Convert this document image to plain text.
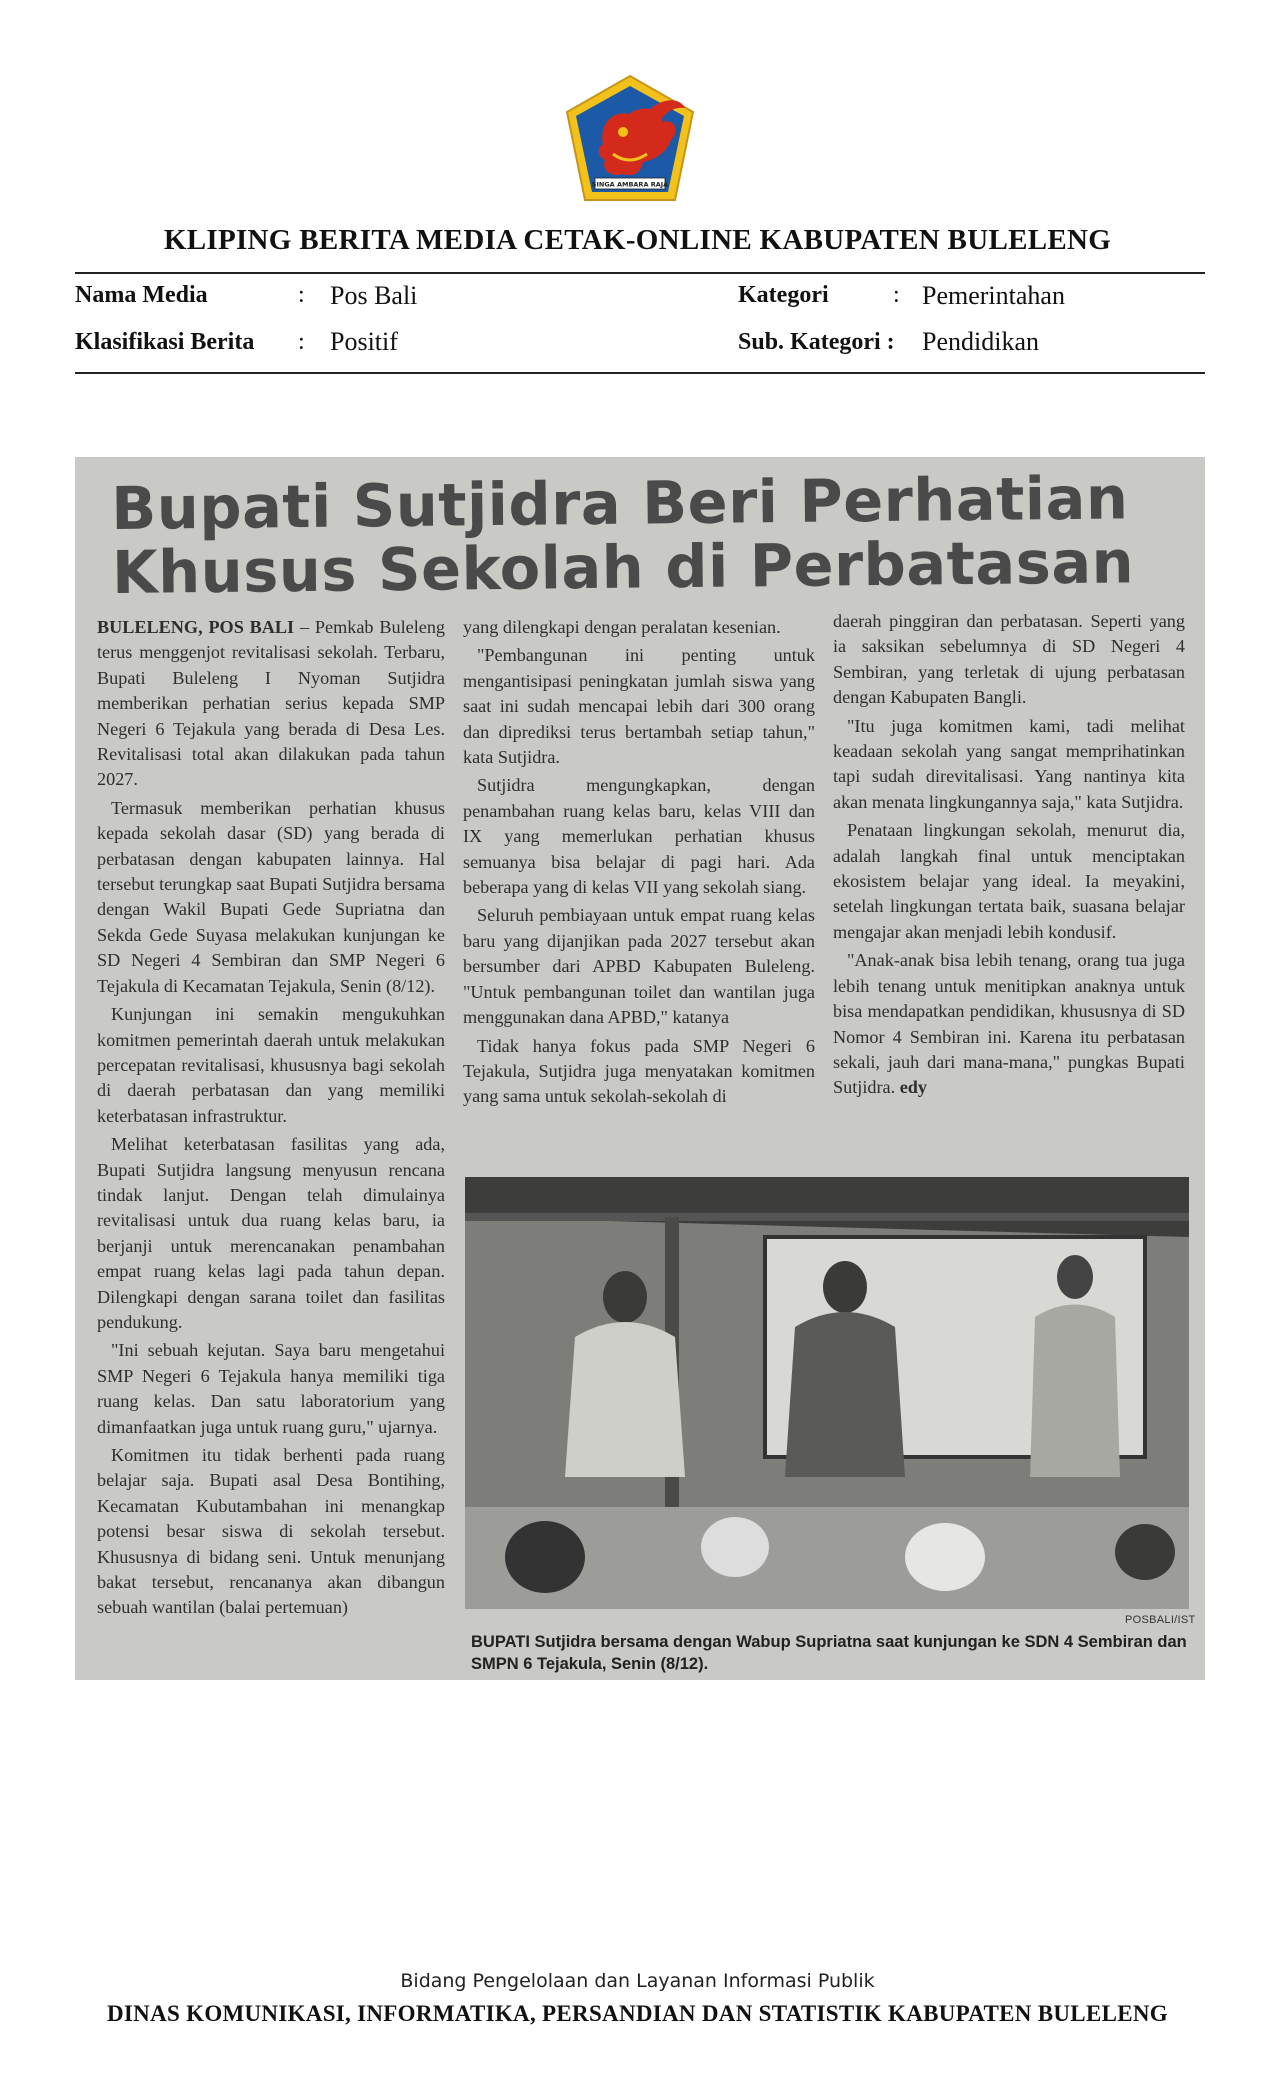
SINGA AMBARA RAJA
KLIPING BERITA MEDIA CETAK-ONLINE KABUPATEN BULELENG
Nama Media	: Pos Bali	Kategori	: Pemerintahan
Klasifikasi Berita : Positif	Sub. Kategori : Pendidikan
Bupati Sutjidra Beri Perhatian
Khusus Sekolah di Perbatasan

BULELENG, POS BALI – Pemkab Buleleng terus menggenjot revitalisasi sekolah. Terbaru, Bupati Buleleng I Nyoman Sutjidra memberikan perhatian serius kepada SMP Negeri 6 Tejakula yang berada di Desa Les. Revitalisasi total akan dilakukan pada tahun 2027.

Termasuk memberikan perhatian khusus kepada sekolah dasar (SD) yang berada di perbatasan dengan kabupaten lainnya. Hal tersebut terungkap saat Bupati Sutjidra bersama dengan Wakil Bupati Gede Supriatna dan Sekda Gede Suyasa melakukan kunjungan ke SD Negeri 4 Sembiran dan SMP Negeri 6 Tejakula di Kecamatan Tejakula, Senin (8/12).

Kunjungan ini semakin mengukuhkan komitmen pemerintah daerah untuk melakukan percepatan revitalisasi, khususnya bagi sekolah di daerah perbatasan dan yang memiliki keterbatasan infrastruktur.

Melihat keterbatasan fasilitas yang ada, Bupati Sutjidra langsung menyusun rencana tindak lanjut. Dengan telah dimulainya revitalisasi untuk dua ruang kelas baru, ia berjanji untuk merencanakan penambahan empat ruang kelas lagi pada tahun depan. Dilengkapi dengan sarana toilet dan fasilitas pendukung.

"Ini sebuah kejutan. Saya baru mengetahui SMP Negeri 6 Tejakula hanya memiliki tiga ruang kelas. Dan satu laboratorium yang dimanfaatkan juga untuk ruang guru," ujarnya.

Komitmen itu tidak berhenti pada ruang belajar saja. Bupati asal Desa Bontihing, Kecamatan Kubutambahan ini menangkap potensi besar siswa di sekolah tersebut. Khususnya di bidang seni. Untuk menunjang bakat tersebut, rencananya akan dibangun sebuah wantilan (balai pertemuan)

yang dilengkapi dengan peralatan kesenian.

"Pembangunan ini penting untuk mengantisipasi peningkatan jumlah siswa yang saat ini sudah mencapai lebih dari 300 orang dan diprediksi terus bertambah setiap tahun," kata Sutjidra.

Sutjidra mengungkapkan, dengan penambahan ruang kelas baru, kelas VIII dan IX yang memerlukan perhatian khusus semuanya bisa belajar di pagi hari. Ada beberapa yang di kelas VII yang sekolah siang.

Seluruh pembiayaan untuk empat ruang kelas baru yang dijanjikan pada 2027 tersebut akan bersumber dari APBD Kabupaten Buleleng. "Untuk pembangunan toilet dan wantilan juga menggunakan dana APBD," katanya

Tidak hanya fokus pada SMP Negeri 6 Tejakula, Sutjidra juga menyatakan komitmen yang sama untuk sekolah-sekolah di

daerah pinggiran dan perbatasan. Seperti yang ia saksikan sebelumnya di SD Negeri 4 Sembiran, yang terletak di ujung perbatasan dengan Kabupaten Bangli.

"Itu juga komitmen kami, tadi melihat keadaan sekolah yang sangat memprihatinkan tapi sudah direvitalisasi. Yang nantinya kita akan menata lingkungannya saja," kata Sutjidra.

Penataan lingkungan sekolah, menurut dia, adalah langkah final untuk menciptakan ekosistem belajar yang ideal. Ia meyakini, setelah lingkungan tertata baik, suasana belajar mengajar akan menjadi lebih kondusif.

"Anak-anak bisa lebih tenang, orang tua juga lebih tenang untuk menitipkan anaknya untuk bisa mendapatkan pendidikan, khususnya di SD Nomor 4 Sembiran ini. Karena itu perbatasan sekali, jauh dari mana-mana," pungkas Bupati Sutjidra. edy

POSBALI/IST
BUPATI Sutjidra bersama dengan Wabup Supriatna saat kunjungan ke SDN 4 Sembiran dan SMPN 6 Tejakula, Senin (8/12).
Bidang Pengelolaan dan Layanan Informasi Publik
DINAS KOMUNIKASI, INFORMATIKA, PERSANDIAN DAN STATISTIK KABUPATEN BULELENG
